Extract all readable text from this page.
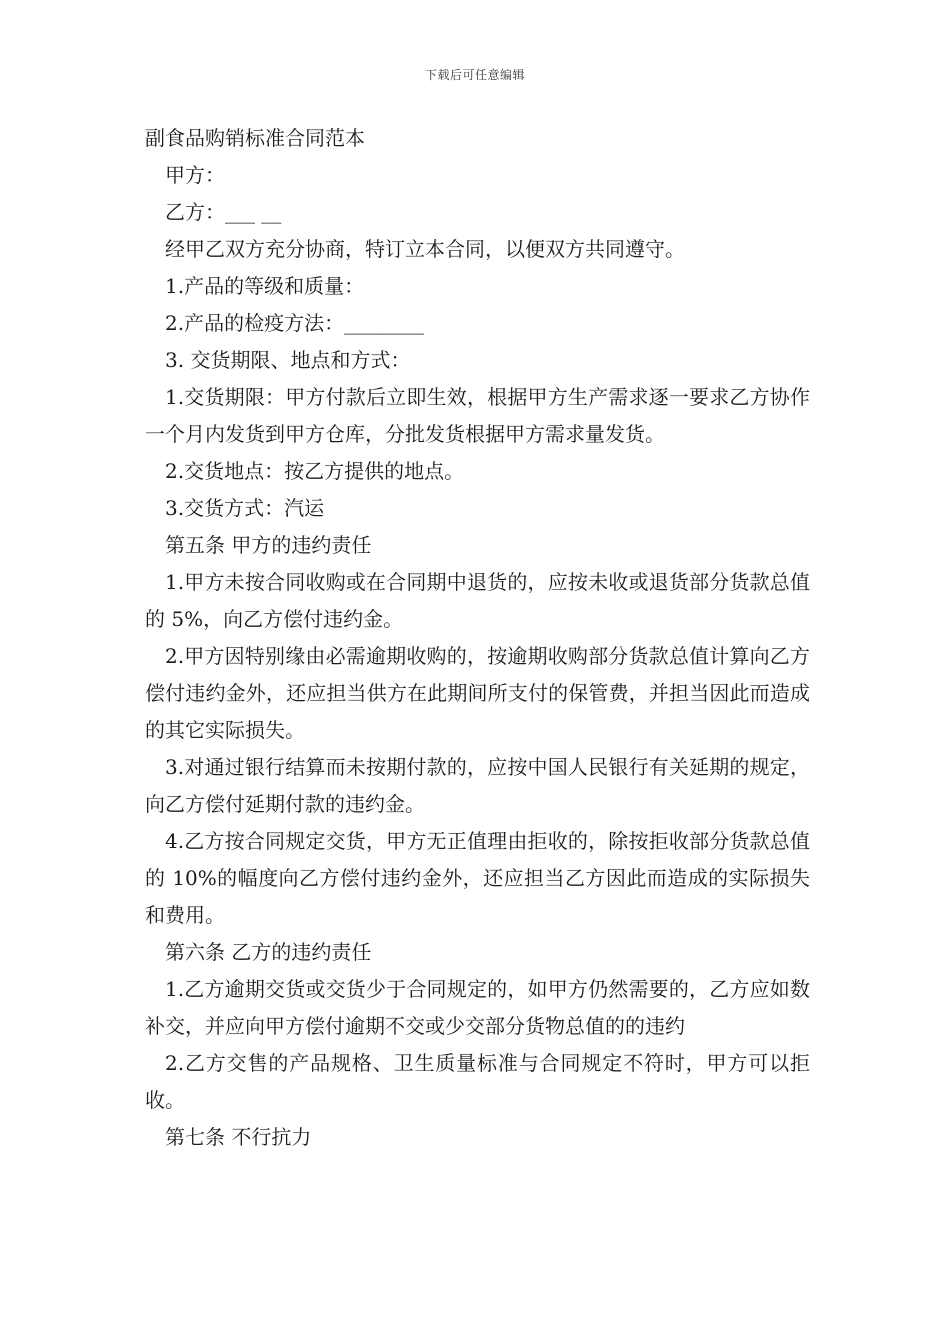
下载后可任意编辑

副食品购销标准合同范本

甲方：

乙方：___ __

经甲乙双方充分协商，特订立本合同，以便双方共同遵守。

1.产品的等级和质量：

2.产品的检疫方法：________

3. 交货期限、地点和方式：

1.交货期限：甲方付款后立即生效，根据甲方生产需求逐一要求乙方协作一个月内发货到甲方仓库，分批发货根据甲方需求量发货。

2.交货地点：按乙方提供的地点。

3.交货方式：汽运

第五条 甲方的违约责任

1.甲方未按合同收购或在合同期中退货的，应按未收或退货部分货款总值的 5%，向乙方偿付违约金。

2.甲方因特别缘由必需逾期收购的，按逾期收购部分货款总值计算向乙方偿付违约金外，还应担当供方在此期间所支付的保管费，并担当因此而造成的其它实际损失。

3.对通过银行结算而未按期付款的，应按中国人民银行有关延期的规定，向乙方偿付延期付款的违约金。

4.乙方按合同规定交货，甲方无正值理由拒收的，除按拒收部分货款总值的 10%的幅度向乙方偿付违约金外，还应担当乙方因此而造成的实际损失和费用。

第六条 乙方的违约责任

1.乙方逾期交货或交货少于合同规定的，如甲方仍然需要的，乙方应如数补交，并应向甲方偿付逾期不交或少交部分货物总值的的违约

2.乙方交售的产品规格、卫生质量标准与合同规定不符时，甲方可以拒收。

第七条 不行抗力
